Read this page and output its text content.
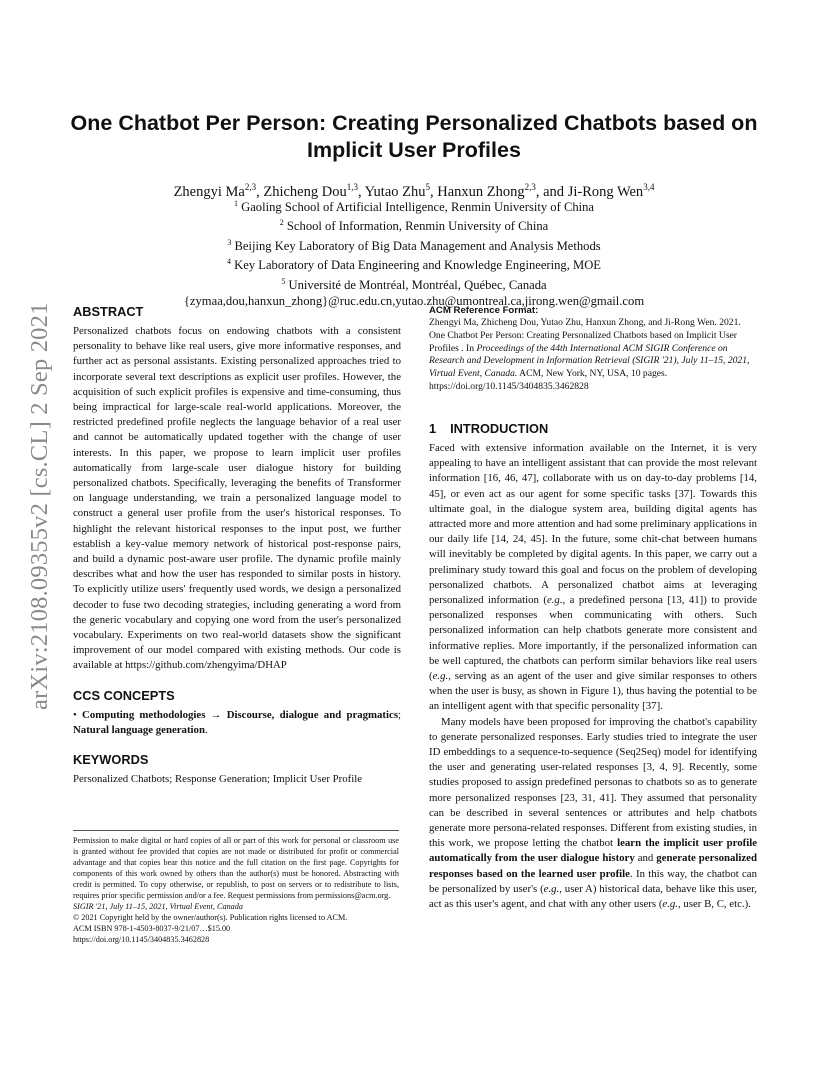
arXiv:2108.09355v2 [cs.CL] 2 Sep 2021
One Chatbot Per Person: Creating Personalized Chatbots based on Implicit User Profiles
Zhengyi Ma$^{2,3}$, Zhicheng Dou$^{1,3}$, Yutao Zhu$^5$, Hanxun Zhong$^{2,3}$, and Ji-Rong Wen$^{3,4}$
$^1$ Gaoling School of Artificial Intelligence, Renmin University of China
$^2$ School of Information, Renmin University of China
$^3$ Beijing Key Laboratory of Big Data Management and Analysis Methods
$^4$ Key Laboratory of Data Engineering and Knowledge Engineering, MOE
$^5$ Université de Montréal, Montréal, Québec, Canada
{zymaa,dou,hanxun_zhong}@ruc.edu.cn,yutao.zhu@umontreal.ca,jirong.wen@gmail.com
ABSTRACT

Personalized chatbots focus on endowing chatbots with a consistent personality to behave like real users, give more informative responses, and further act as personal assistants. Existing personalized approaches tried to incorporate several text descriptions as explicit user profiles. However, the acquisition of such explicit profiles is expensive and time-consuming, thus being impractical for large-scale real-world applications. Moreover, the restricted predefined profile neglects the language behavior of a real user and cannot be automatically updated together with the change of user interests. In this paper, we propose to learn implicit user profiles automatically from large-scale user dialogue history for building personalized chatbots. Specifically, leveraging the benefits of Transformer on language understanding, we train a personalized language model to construct a general user profile from the user's historical responses. To highlight the relevant historical responses to the input post, we further establish a key-value memory network of historical post-response pairs, and build a dynamic post-aware user profile. The dynamic profile mainly describes what and how the user has responded to similar posts in history. To explicitly utilize users' frequently used words, we design a personalized decoder to fuse two decoding strategies, including generating a word from the generic vocabulary and copying one word from the user's personalized vocabulary. Experiments on two real-world datasets show the significant improvement of our model compared with existing methods. Our code is available at https://github.com/zhengyima/DHAP

CCS CONCEPTS

• Computing methodologies → Discourse, dialogue and pragmatics; Natural language generation.

KEYWORDS

Personalized Chatbots; Response Generation; Implicit User Profile

Permission to make digital or hard copies of all or part of this work for personal or classroom use is granted without fee provided that copies are not made or distributed for profit or commercial advantage and that copies bear this notice and the full citation on the first page. Copyrights for components of this work owned by others than the author(s) must be honored. Abstracting with credit is permitted. To copy otherwise, or republish, to post on servers or to redistribute to lists, requires prior specific permission and/or a fee. Request permissions from permissions@acm.org.

SIGIR '21, July 11–15, 2021, Virtual Event, Canada

© 2021 Copyright held by the owner/author(s). Publication rights licensed to ACM.

ACM ISBN 978-1-4503-8037-9/21/07…$15.00

https://doi.org/10.1145/3404835.3462828

ACM Reference Format:

Zhengyi Ma, Zhicheng Dou, Yutao Zhu, Hanxun Zhong, and Ji-Rong Wen. 2021. One Chatbot Per Person: Creating Personalized Chatbots based on Implicit User Profiles . In Proceedings of the 44th International ACM SIGIR Conference on Research and Development in Information Retrieval (SIGIR '21), July 11–15, 2021, Virtual Event, Canada. ACM, New York, NY, USA, 10 pages. https://doi.org/10.1145/3404835.3462828

1 INTRODUCTION

Faced with extensive information available on the Internet, it is very appealing to have an intelligent assistant that can provide the most relevant information [16, 46, 47], collaborate with us on day-to-day problems [14, 45], or even act as our agent for some specific tasks [37]. Towards this ultimate goal, in the dialogue system area, building digital agents has attracted more and more attention and had some preliminary applications in our daily life [14, 24, 45]. In the future, some chit-chat between humans will inevitably be completed by digital agents. In this paper, we carry out a preliminary study toward this goal and focus on the problem of developing personalized chatbots. A personalized chatbot aims at leveraging personalized information (e.g., a predefined persona [13, 41]) to provide personalized responses when communicating with others. Such personalized information can help chatbots generate more consistent and informative replies. More importantly, if the personalized information can be well captured, the chatbots can perform similar behaviors like real users (e.g., serving as an agent of the user and give similar responses to others when the user is busy, as shown in Figure 1), thus having the potential to be an intelligent agent with that specific personality [37].

Many models have been proposed for improving the chatbot's capability to generate personalized responses. Early studies tried to integrate the user ID embeddings to a sequence-to-sequence (Seq2Seq) model for identifying the user and generating user-related responses [3, 4, 9]. Recently, some studies proposed to assign predefined personas to chatbots so as to generate more personalized responses [23, 31, 41]. They assumed that personality can be described in several sentences or attributes and help chatbots generate more persona-related responses. Different from existing studies, in this work, we propose letting the chatbot learn the implicit user profile automatically from the user dialogue history and generate personalized responses based on the learned user profile. In this way, the chatbot can be personalized by user's (e.g., user A) historical data, behave like this user, act as this user's agent, and chat with any other users (e.g., user B, C, etc.).
